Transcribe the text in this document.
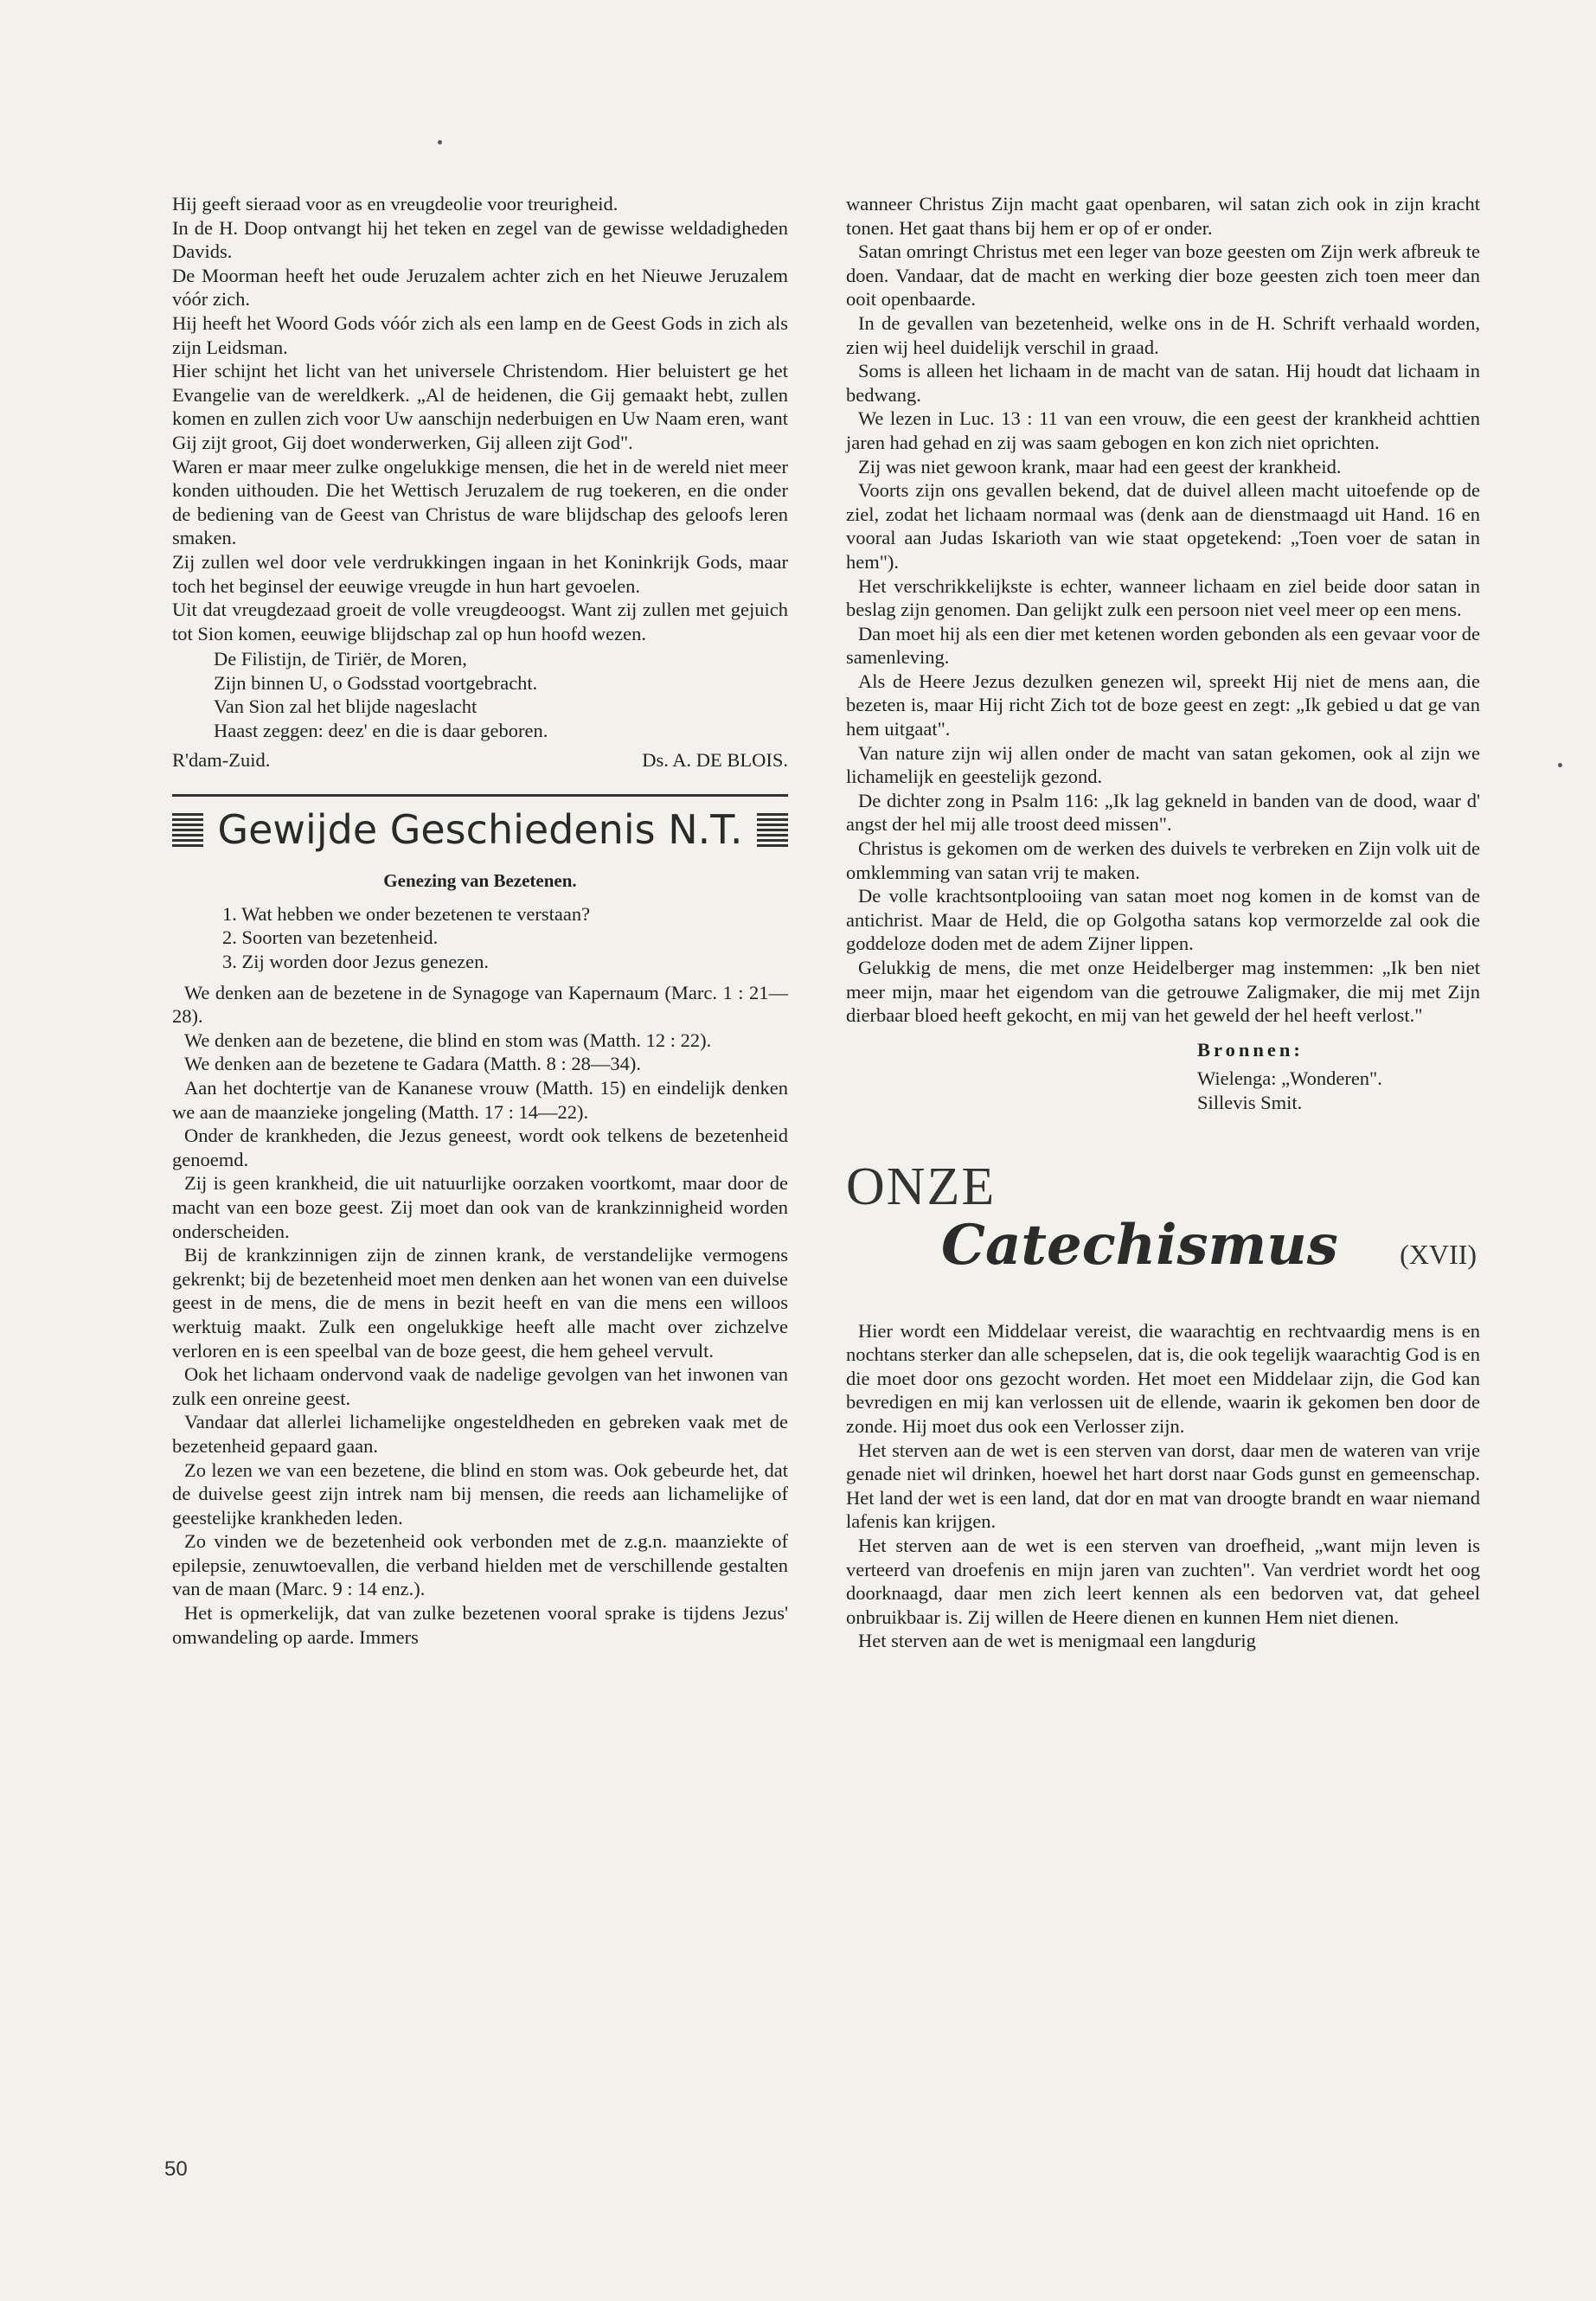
Hij geeft sieraad voor as en vreugdeolie voor treurigheid.

In de H. Doop ontvangt hij het teken en zegel van de gewisse weldadigheden Davids.

De Moorman heeft het oude Jeruzalem achter zich en het Nieuwe Jeruzalem vóór zich.

Hij heeft het Woord Gods vóór zich als een lamp en de Geest Gods in zich als zijn Leidsman.

Hier schijnt het licht van het universele Christendom. Hier beluistert ge het Evangelie van de wereldkerk. „Al de heidenen, die Gij gemaakt hebt, zullen komen en zullen zich voor Uw aanschijn nederbuigen en Uw Naam eren, want Gij zijt groot, Gij doet wonderwerken, Gij alleen zijt God".

Waren er maar meer zulke ongelukkige mensen, die het in de wereld niet meer konden uithouden. Die het Wettisch Jeruzalem de rug toekeren, en die onder de bediening van de Geest van Christus de ware blijdschap des geloofs leren smaken.

Zij zullen wel door vele verdrukkingen ingaan in het Koninkrijk Gods, maar toch het beginsel der eeuwige vreugde in hun hart gevoelen.

Uit dat vreugdezaad groeit de volle vreugdeoogst. Want zij zullen met gejuich tot Sion komen, eeuwige blijdschap zal op hun hoofd wezen.

De Filistijn, de Tiriër, de Moren,
Zijn binnen U, o Godsstad voortgebracht.
Van Sion zal het blijde nageslacht
Haast zeggen: deez' en die is daar geboren.
R'dam-Zuid.	Ds. A. DE BLOIS.
Gewijde Geschiedenis N.T.
Genezing van Bezetenen.
1. Wat hebben we onder bezetenen te verstaan?
2. Soorten van bezetenheid.
3. Zij worden door Jezus genezen.

We denken aan de bezetene in de Synagoge van Kapernaum (Marc. 1 : 21—28).

We denken aan de bezetene, die blind en stom was (Matth. 12 : 22).

We denken aan de bezetene te Gadara (Matth. 8 : 28—34).

Aan het dochtertje van de Kananese vrouw (Matth. 15) en eindelijk denken we aan de maanzieke jongeling (Matth. 17 : 14—22).

Onder de krankheden, die Jezus geneest, wordt ook telkens de bezetenheid genoemd.

Zij is geen krankheid, die uit natuurlijke oorzaken voortkomt, maar door de macht van een boze geest. Zij moet dan ook van de krankzinnigheid worden onderscheiden.

Bij de krankzinnigen zijn de zinnen krank, de verstandelijke vermogens gekrenkt; bij de bezetenheid moet men denken aan het wonen van een duivelse geest in de mens, die de mens in bezit heeft en van die mens een willoos werktuig maakt. Zulk een ongelukkige heeft alle macht over zichzelve verloren en is een speelbal van de boze geest, die hem geheel vervult.

Ook het lichaam ondervond vaak de nadelige gevolgen van het inwonen van zulk een onreine geest.

Vandaar dat allerlei lichamelijke ongesteldheden en gebreken vaak met de bezetenheid gepaard gaan.

Zo lezen we van een bezetene, die blind en stom was. Ook gebeurde het, dat de duivelse geest zijn intrek nam bij mensen, die reeds aan lichamelijke of geestelijke krankheden leden.

Zo vinden we de bezetenheid ook verbonden met de z.g.n. maanziekte of epilepsie, zenuwtoevallen, die verband hielden met de verschillende gestalten van de maan (Marc. 9 : 14 enz.).

Het is opmerkelijk, dat van zulke bezetenen vooral sprake is tijdens Jezus' omwandeling op aarde. Immers

wanneer Christus Zijn macht gaat openbaren, wil satan zich ook in zijn kracht tonen. Het gaat thans bij hem er op of er onder.

Satan omringt Christus met een leger van boze geesten om Zijn werk afbreuk te doen. Vandaar, dat de macht en werking dier boze geesten zich toen meer dan ooit openbaarde.

In de gevallen van bezetenheid, welke ons in de H. Schrift verhaald worden, zien wij heel duidelijk verschil in graad.

Soms is alleen het lichaam in de macht van de satan. Hij houdt dat lichaam in bedwang.

We lezen in Luc. 13 : 11 van een vrouw, die een geest der krankheid achttien jaren had gehad en zij was saam gebogen en kon zich niet oprichten.

Zij was niet gewoon krank, maar had een geest der krankheid.

Voorts zijn ons gevallen bekend, dat de duivel alleen macht uitoefende op de ziel, zodat het lichaam normaal was (denk aan de dienstmaagd uit Hand. 16 en vooral aan Judas Iskarioth van wie staat opgetekend: „Toen voer de satan in hem").

Het verschrikkelijkste is echter, wanneer lichaam en ziel beide door satan in beslag zijn genomen. Dan gelijkt zulk een persoon niet veel meer op een mens.

Dan moet hij als een dier met ketenen worden gebonden als een gevaar voor de samenleving.

Als de Heere Jezus dezulken genezen wil, spreekt Hij niet de mens aan, die bezeten is, maar Hij richt Zich tot de boze geest en zegt: „Ik gebied u dat ge van hem uitgaat".

Van nature zijn wij allen onder de macht van satan gekomen, ook al zijn we lichamelijk en geestelijk gezond.

De dichter zong in Psalm 116: „Ik lag gekneld in banden van de dood, waar d' angst der hel mij alle troost deed missen".

Christus is gekomen om de werken des duivels te verbreken en Zijn volk uit de omklemming van satan vrij te maken.

De volle krachtsontplooiing van satan moet nog komen in de komst van de antichrist. Maar de Held, die op Golgotha satans kop vermorzelde zal ook die goddeloze doden met de adem Zijner lippen.

Gelukkig de mens, die met onze Heidelberger mag instemmen: „Ik ben niet meer mijn, maar het eigendom van die getrouwe Zaligmaker, die mij met Zijn dierbaar bloed heeft gekocht, en mij van het geweld der hel heeft verlost."

Bronnen:
Wielenga: „Wonderen".
Sillevis Smit.
ONZE
Catechismus (XVII)

Hier wordt een Middelaar vereist, die waarachtig en rechtvaardig mens is en nochtans sterker dan alle schepselen, dat is, die ook tegelijk waarachtig God is en die moet door ons gezocht worden. Het moet een Middelaar zijn, die God kan bevredigen en mij kan verlossen uit de ellende, waarin ik gekomen ben door de zonde. Hij moet dus ook een Verlosser zijn.

Het sterven aan de wet is een sterven van dorst, daar men de wateren van vrije genade niet wil drinken, hoewel het hart dorst naar Gods gunst en gemeenschap. Het land der wet is een land, dat dor en mat van droogte brandt en waar niemand lafenis kan krijgen.

Het sterven aan de wet is een sterven van droefheid, „want mijn leven is verteerd van droefenis en mijn jaren van zuchten". Van verdriet wordt het oog doorknaagd, daar men zich leert kennen als een bedorven vat, dat geheel onbruikbaar is. Zij willen de Heere dienen en kunnen Hem niet dienen.

Het sterven aan de wet is menigmaal een langdurig

50
